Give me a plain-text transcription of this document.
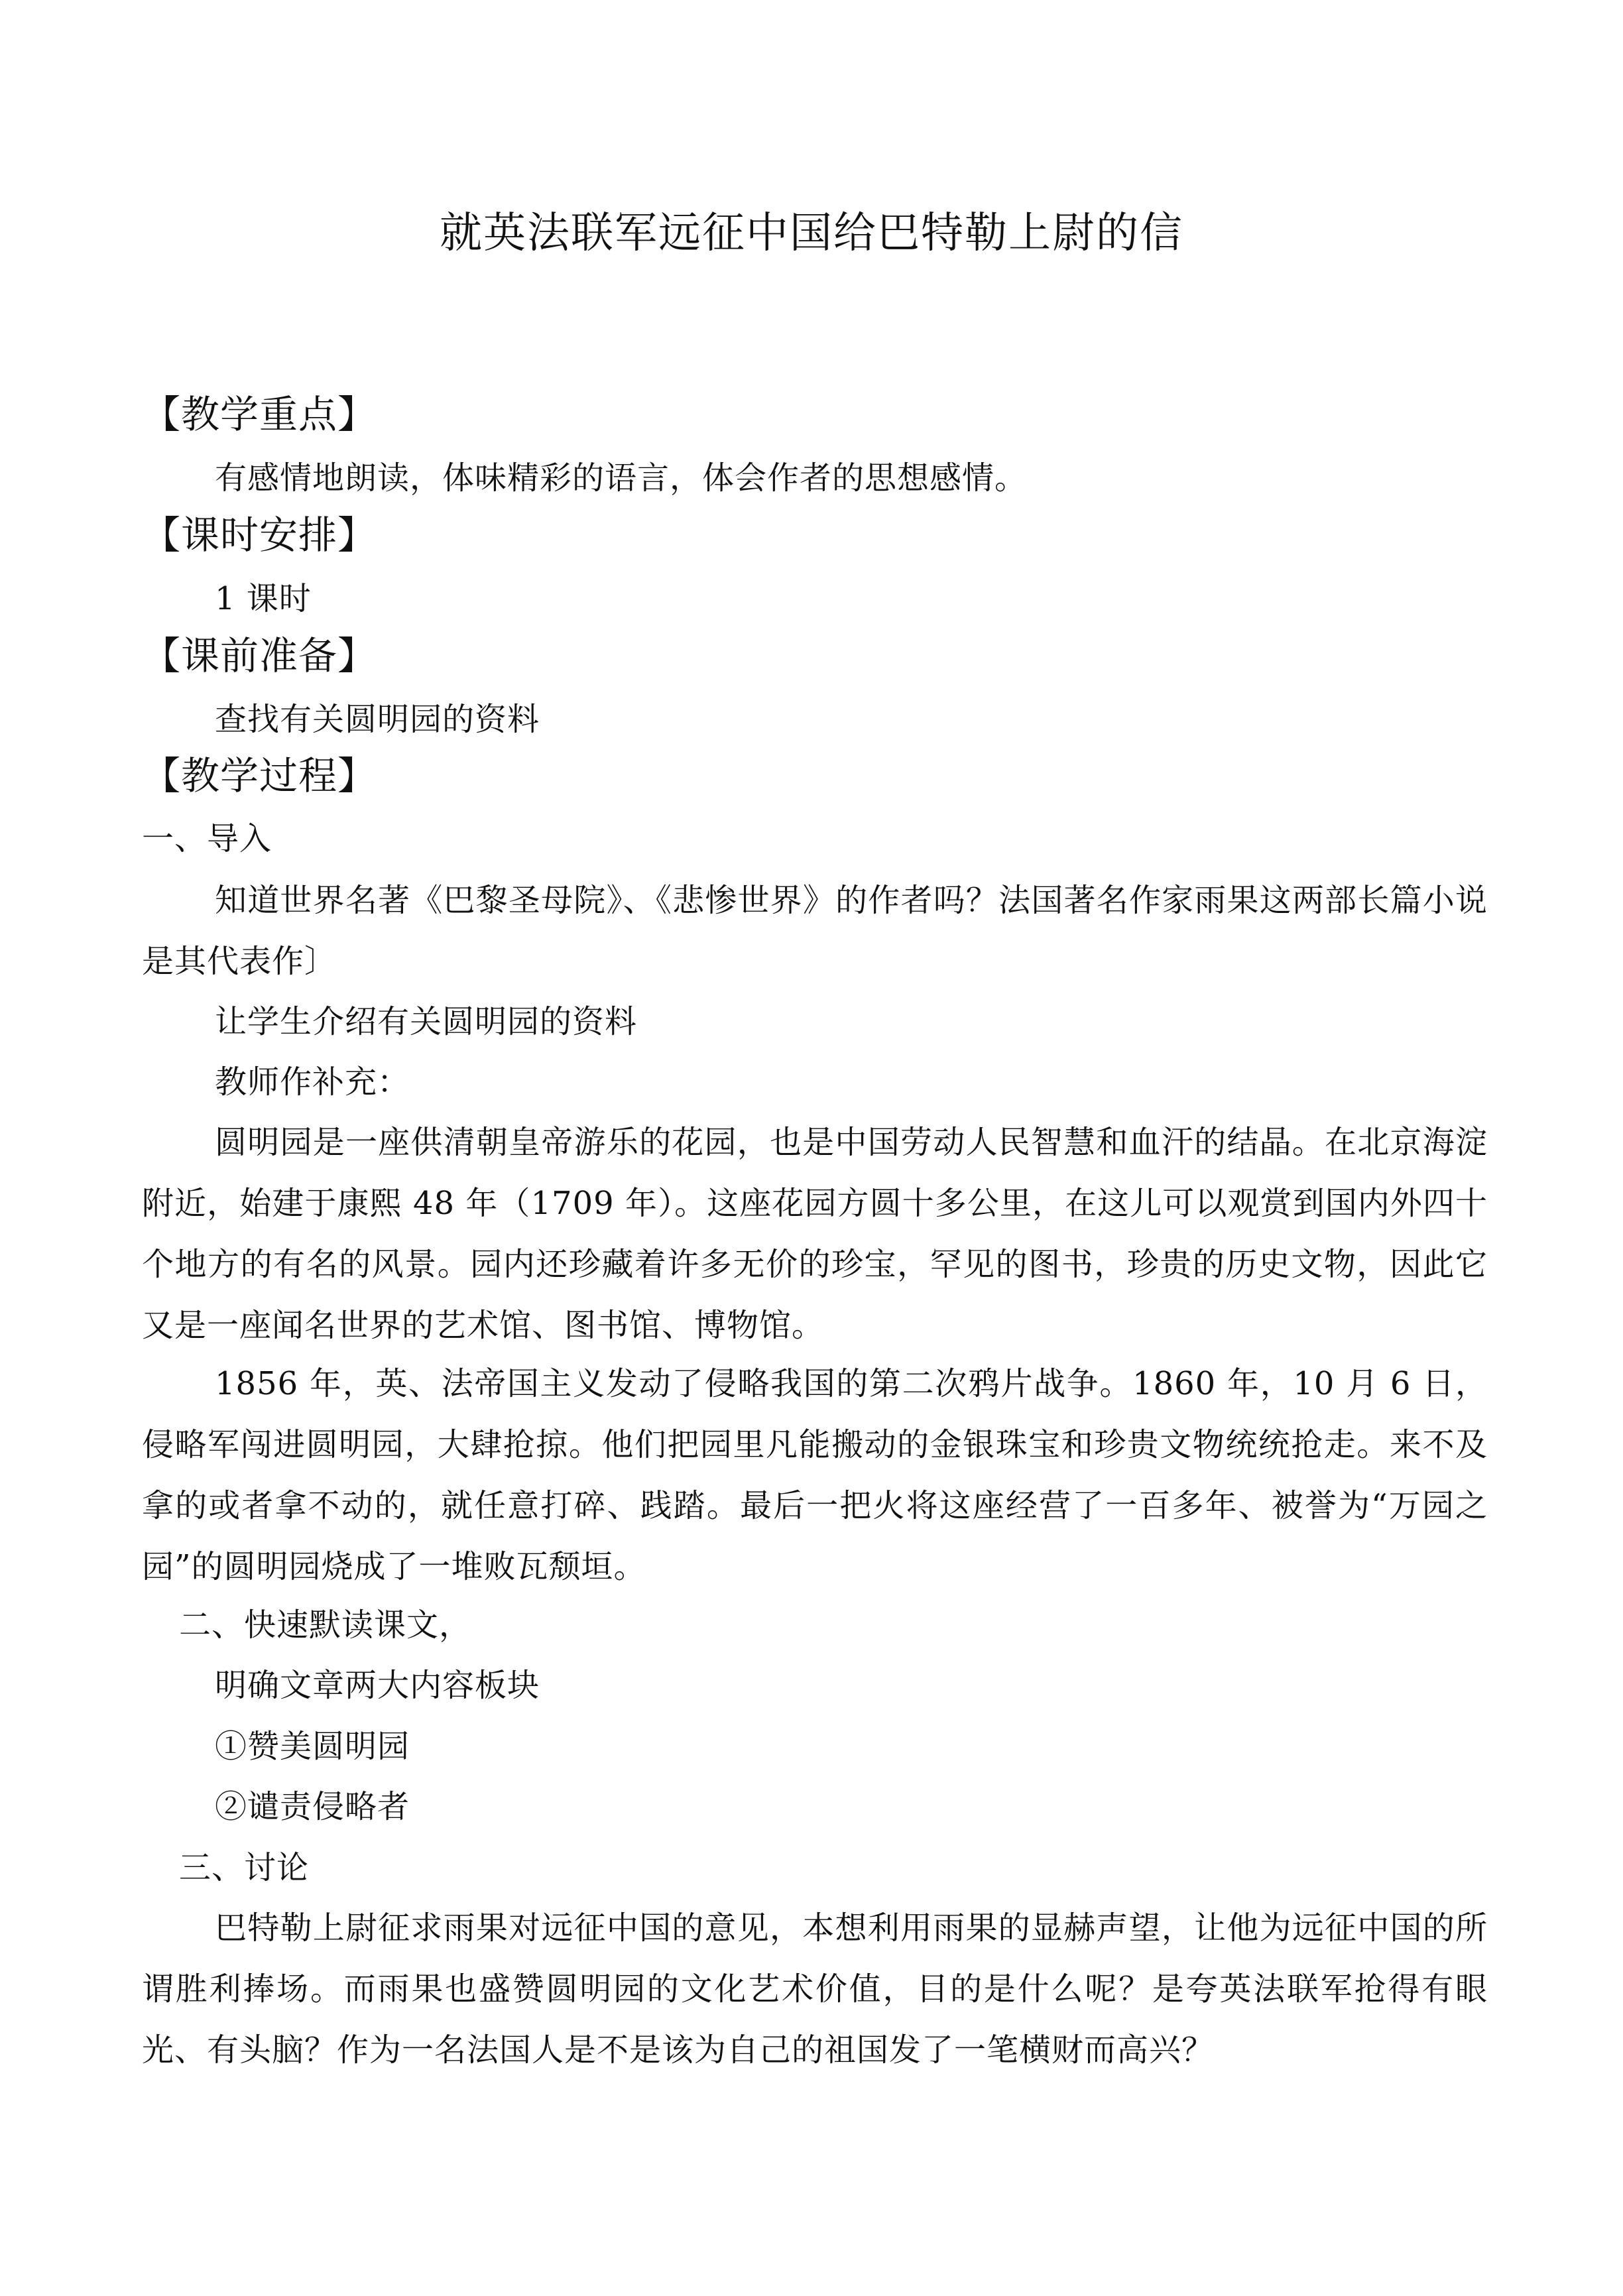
就英法联军远征中国给巴特勒上尉的信
【教学重点】
有感情地朗读，体味精彩的语言，体会作者的思想感情。
【课时安排】
1 课时
【课前准备】
查找有关圆明园的资料
【教学过程】
一、导入
知道世界名著《巴黎圣母院》、《悲惨世界》的作者吗？法国著名作家雨果这两部长篇小说是其代表作〕
让学生介绍有关圆明园的资料
教师作补充：
圆明园是一座供清朝皇帝游乐的花园，也是中国劳动人民智慧和血汗的结晶。在北京海淀附近，始建于康熙 48 年（1709 年）。这座花园方圆十多公里，在这儿可以观赏到国内外四十个地方的有名的风景。园内还珍藏着许多无价的珍宝，罕见的图书，珍贵的历史文物，因此它又是一座闻名世界的艺术馆、图书馆、博物馆。
1856 年，英、法帝国主义发动了侵略我国的第二次鸦片战争。1860 年，10 月 6 日，侵略军闯进圆明园，大肆抢掠。他们把园里凡能搬动的金银珠宝和珍贵文物统统抢走。来不及拿的或者拿不动的，就任意打碎、践踏。最后一把火将这座经营了一百多年、被誉为“万园之园”的圆明园烧成了一堆败瓦颓垣。
二、快速默读课文，
明确文章两大内容板块
①赞美圆明园
②谴责侵略者
三、讨论
巴特勒上尉征求雨果对远征中国的意见，本想利用雨果的显赫声望，让他为远征中国的所谓胜利捧场。而雨果也盛赞圆明园的文化艺术价值，目的是什么呢？是夸英法联军抢得有眼光、有头脑？作为一名法国人是不是该为自己的祖国发了一笔横财而高兴？
